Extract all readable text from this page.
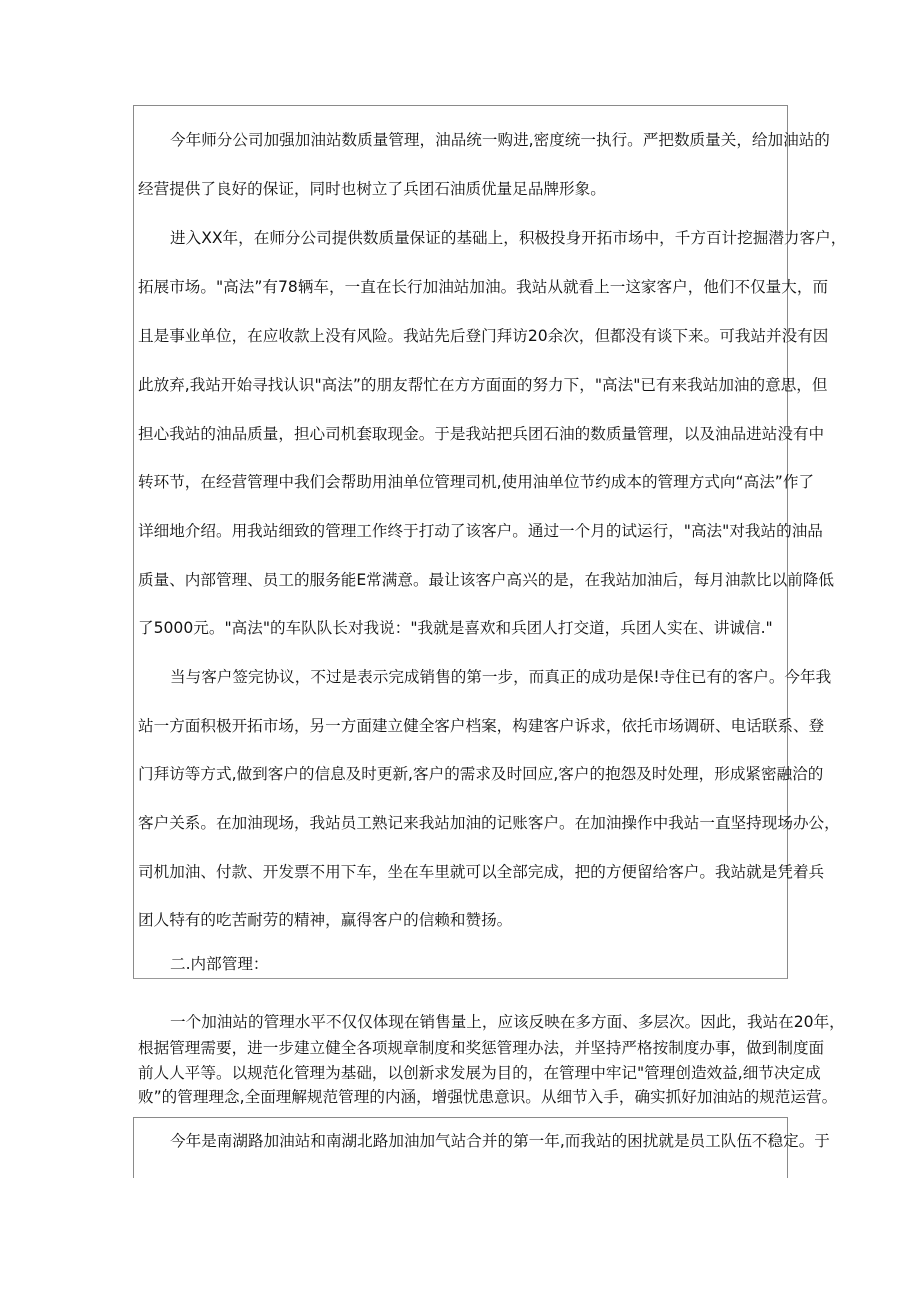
今年师分公司加强加油站数质量管理，油品统一购进,密度统一执行。严把数质量关，给加油站的
经营提供了良好的保证，同时也树立了兵团石油质优量足品牌形象。
进入XX年，在师分公司提供数质量保证的基础上，积极投身开拓市场中，千方百计挖掘潜力客户，
拓展市场。"高法”有78辆车，一直在长行加油站加油。我站从就看上一这家客户，他们不仅量大，而
且是事业单位，在应收款上没有风险。我站先后登门拜访20余次，但都没有谈下来。可我站并没有因
此放弃,我站开始寻找认识"高法”的朋友帮忙在方方面面的努力下，"高法"已有来我站加油的意思，但
担心我站的油品质量，担心司机套取现金。于是我站把兵团石油的数质量管理，以及油品进站没有中
转环节，在经营管理中我们会帮助用油单位管理司机,使用油单位节约成本的管理方式向“高法”作了
详细地介绍。用我站细致的管理工作终于打动了该客户。通过一个月的试运行，"高法"对我站的油品
质量、内部管理、员工的服务能E常满意。最让该客户高兴的是，在我站加油后，每月油款比以前降低
了5000元。"高法"的车队队长对我说："我就是喜欢和兵团人打交道，兵团人实在、讲诚信."
当与客户签完协议，不过是表示完成销售的第一步，而真正的成功是保!寺住已有的客户。今年我
站一方面积极开拓市场，另一方面建立健全客户档案，构建客户诉求，依托市场调研、电话联系、登
门拜访等方式,做到客户的信息及时更新,客户的需求及时回应,客户的抱怨及时处理，形成紧密融洽的
客户关系。在加油现场，我站员工熟记来我站加油的记账客户。在加油操作中我站一直坚持现场办公，
司机加油、付款、开发票不用下车，坐在车里就可以全部完成，把的方便留给客户。我站就是凭着兵
团人特有的吃苦耐劳的精神，赢得客户的信赖和赞扬。
二.内部管理：
一个加油站的管理水平不仅仅体现在销售量上，应该反映在多方面、多层次。因此，我站在20年，
根据管理需要，进一步建立健全各项规章制度和奖惩管理办法，并坚持严格按制度办事，做到制度面
前人人平等。以规范化管理为基础，以创新求发展为目的，在管理中牢记"管理创造效益,细节决定成
败”的管理理念,全面理解规范管理的内涵，增强忧患意识。从细节入手，确实抓好加油站的规范运营。
今年是南湖路加油站和南湖北路加油加气站合并的第一年,而我站的困扰就是员工队伍不稳定。于
